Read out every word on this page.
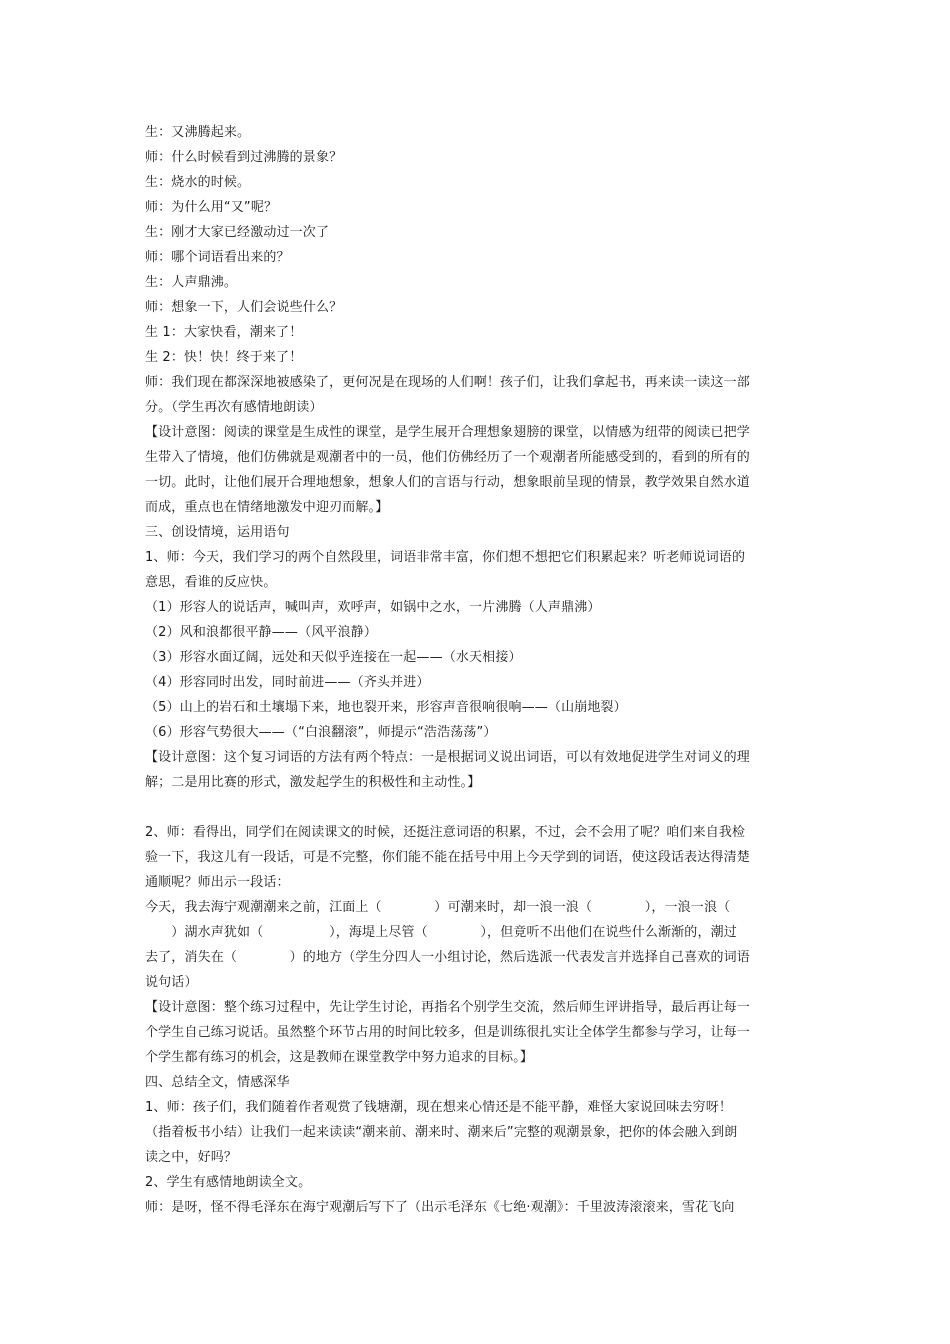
生：又沸腾起来。
师：什么时候看到过沸腾的景象？
生：烧水的时候。
师：为什么用“又”呢？
生：刚才大家已经激动过一次了
师：哪个词语看出来的？
生：人声鼎沸。
师：想象一下，人们会说些什么？
生 1：大家快看，潮来了！
生 2：快！快！终于来了！
师：我们现在都深深地被感染了，更何况是在现场的人们啊！孩子们，让我们拿起书，再来读一读这一部
分。（学生再次有感情地朗读）
【设计意图：阅读的课堂是生成性的课堂，是学生展开合理想象翅膀的课堂，以情感为纽带的阅读已把学
生带入了情境，他们仿佛就是观潮者中的一员，他们仿佛经历了一个观潮者所能感受到的，看到的所有的
一切。此时，让他们展开合理地想象，想象人们的言语与行动，想象眼前呈现的情景，教学效果自然水道
而成，重点也在情绪地激发中迎刃而解。】
三、创设情境，运用语句
1、师：今天，我们学习的两个自然段里，词语非常丰富，你们想不想把它们积累起来？听老师说词语的
意思，看谁的反应快。
（1）形容人的说话声，喊叫声，欢呼声，如锅中之水，一片沸腾（人声鼎沸）
（2）风和浪都很平静——（风平浪静）
（3）形容水面辽阔，远处和天似乎连接在一起——（水天相接）
（4）形容同时出发，同时前进——（齐头并进）
（5）山上的岩石和土壤塌下来，地也裂开来，形容声音很响很响——（山崩地裂）
（6）形容气势很大——（“白浪翻滚”，师提示“浩浩荡荡”）
【设计意图：这个复习词语的方法有两个特点：一是根据词义说出词语，可以有效地促进学生对词义的理
解；二是用比赛的形式，激发起学生的积极性和主动性。】
2、师：看得出，同学们在阅读课文的时候，还挺注意词语的积累，不过，会不会用了呢？咱们来自我检
验一下，我这儿有一段话，可是不完整，你们能不能在括号中用上今天学到的词语，使这段话表达得清楚
通顺呢？师出示一段话：
今天，我去海宁观潮潮来之前，江面上（　　　　）可潮来时，却一浪一浪（　　　　），一浪一浪（
　　）湖水声犹如（　　　　　），海堤上尽管（　　　　），但竟听不出他们在说些什么渐渐的，潮过
去了，消失在（　　　　）的地方（学生分四人一小组讨论，然后选派一代表发言并选择自己喜欢的词语
说句话）
【设计意图：整个练习过程中，先让学生讨论，再指名个别学生交流，然后师生评讲指导，最后再让每一
个学生自己练习说话。虽然整个环节占用的时间比较多，但是训练很扎实让全体学生都参与学习，让每一
个学生都有练习的机会，这是教师在课堂教学中努力追求的目标。】
四、总结全文，情感深华
1、师：孩子们，我们随着作者观赏了钱塘潮，现在想来心情还是不能平静，难怪大家说回味去穷呀！
（指着板书小结）让我们一起来读读“潮来前、潮来时、潮来后”完整的观潮景象，把你的体会融入到朗
读之中，好吗？
2、学生有感情地朗读全文。
师：是呀，怪不得毛泽东在海宁观潮后写下了（出示毛泽东《七绝·观潮》：千里波涛滚滚来，雪花飞向
